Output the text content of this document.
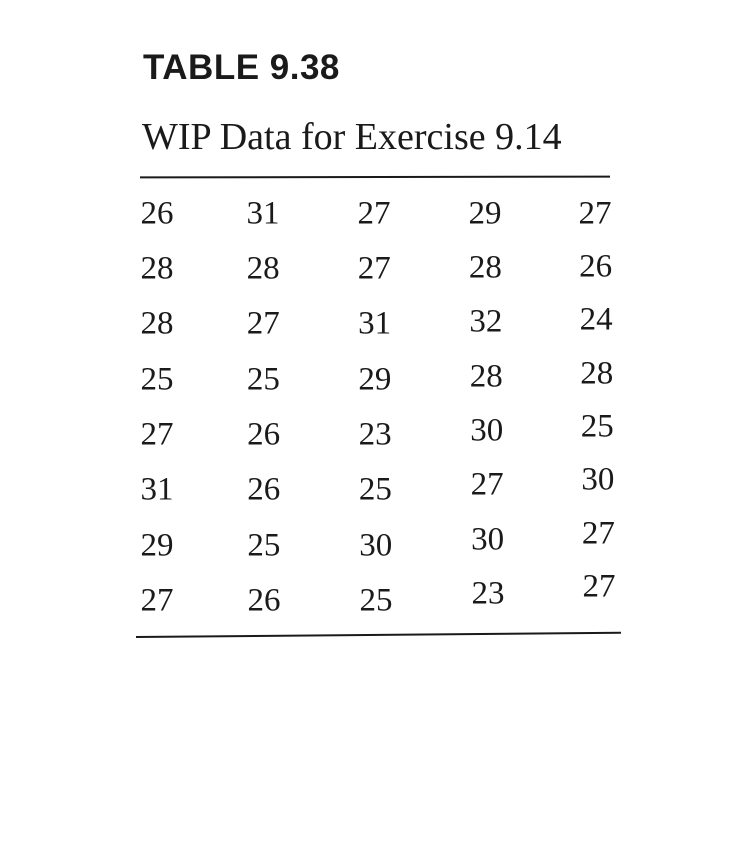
TABLE 9.38
WIP Data for Exercise 9.14
26 31 27 29 27
28 28 27 28 26
28 27 31 32 24
25 25 29 28 28
27 26 23 30 25
31 26 25 27 30
29 25 30 30 27
27 26 25 23 27
